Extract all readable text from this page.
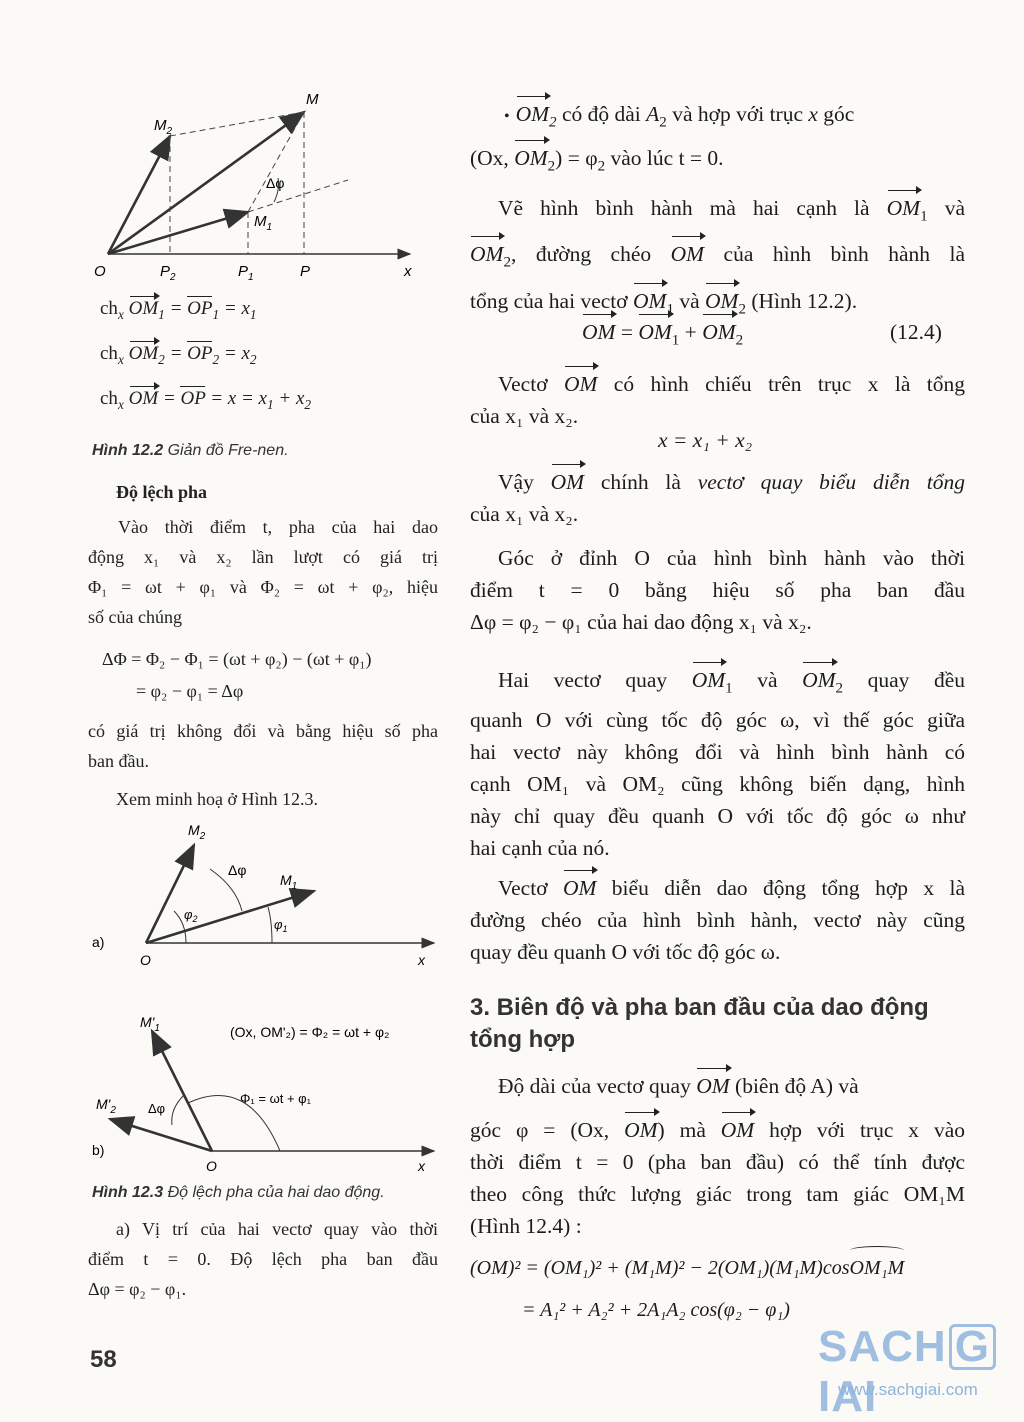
M
$M_2$
Δφ
$M_1$
O	$P_2$	$P_1$	P	x
$ch_x$ $OM_1 = OP_1 = x_1$
$ch_x$ $OM_2 = OP_2 = x_2$
$ch_x$ OM = OP = $x = x_1 + x_2$
Hình 12.2 Giản đồ Fre-nen.
Độ lệch pha
Vào thời điểm t, pha của hai dao
động x₁ và x₂ lần lượt có giá trị
Φ₁ = ωt + φ₁ và Φ₂ = ωt + φ₂, hiệu
số của chúng
ΔΦ = Φ₂ − Φ₁ = (ωt + φ₂) − (ωt + φ₁)
= φ₂ − φ₁ = Δφ
có giá trị không đổi và bằng hiệu số pha
ban đầu.
Xem minh hoạ ở Hình 12.3.
$M_2$
Δφ
$M_1$
$\varphi_2$	$\varphi_1$
a)
O	x
$M'_1$	(Ox, OM'₂) = Φ₂ = ωt + φ₂
$M'_2$ Δφ
Φ₁ = ωt + φ₁
b)
O	x
Hình 12.3 Độ lệch pha của hai dao động.
a) Vị trí của hai vectơ quay vào thời
điểm t = 0. Độ lệch pha ban đầu
Δφ = φ₂ − φ₁.
58
• $OM_2$ có độ dài $A_2$ và hợp với trục x góc
(Ox, $OM_2) = \varphi_2$ vào lúc t = 0.
Vẽ hình bình hành mà hai cạnh là $OM_1$ và
$OM_2$, đường chéo OM của hình bình hành là
tổng của hai vectơ $OM_1$ và $OM_2$ (Hình 12.2).
OM = $OM_1 + OM_2$	(12.4)
Vectơ OM có hình chiếu trên trục x là tổng
của x₁ và x₂.
x = x₁ + x₂
Vậy OM chính là vectơ quay biểu diễn tổng
của x₁ và x₂.
Góc ở đỉnh O của hình bình hành vào thời
điểm t = 0 bằng hiệu số pha ban đầu
Δφ = φ₂ − φ₁ của hai dao động x₁ và x₂.
Hai vectơ quay $OM_1$ và $OM_2$ quay đều
quanh O với cùng tốc độ góc ω, vì thế góc giữa
hai vectơ này không đổi và hình bình hành có
cạnh OM₁ và OM₂ cũng không biến dạng, hình
này chỉ quay đều quanh O với tốc độ góc ω như
hai cạnh của nó.
Vectơ OM biểu diễn dao động tổng hợp x là
đường chéo của hình bình hành, vectơ này cũng
quay đều quanh O với tốc độ góc ω.
3. Biên độ và pha ban đầu của dao động
tổng hợp
Độ dài của vectơ quay OM (biên độ A) và
góc φ = (Ox, OM) mà OM hợp với trục x vào
thời điểm t = 0 (pha ban đầu) có thể tính được
theo công thức lượng giác trong tam giác OM₁M
(Hình 12.4) :
(OM)² = (OM₁)² + (M₁M)² − 2(OM₁)(M₁M)cos
OM₁M
= A₁² + A₂² + 2A₁A₂ cos(φ₂ − φ₁)
SACH GIAI
www.sachgiai.com
